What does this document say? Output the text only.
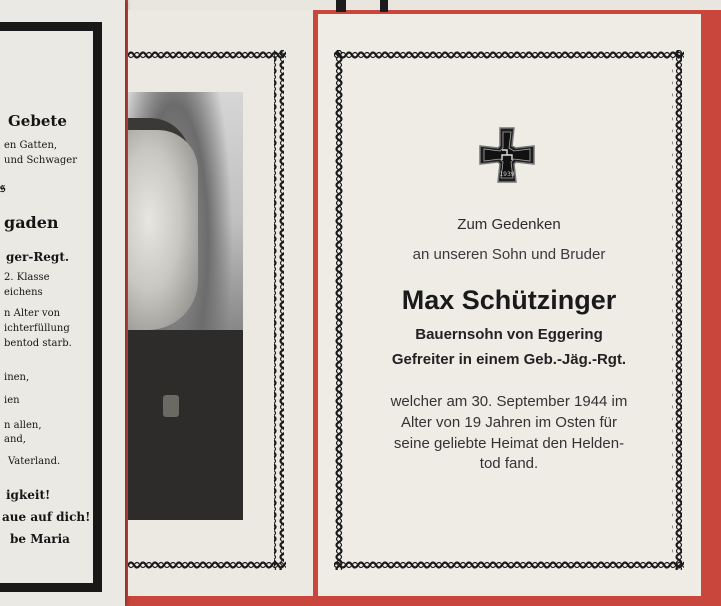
Gebete
en Gatten,
und Schwager
𝔰
gaden
ger-Regt.
2. Klasse
eichens
n Alter von
ichterfüllung
bentod starb.
inen,
ien
n allen,
and,
Vaterland.
igkeit!
aue auf dich!
be Maria
1939
Zum Gedenken
an unseren Sohn und Bruder
Max Schützinger
Bauernsohn von Eggering
Gefreiter in einem Geb.-Jäg.-Rgt.
welcher am 30. September 1944 im
Alter von 19 Jahren im Osten für
seine geliebte Heimat den Helden-
tod fand.
